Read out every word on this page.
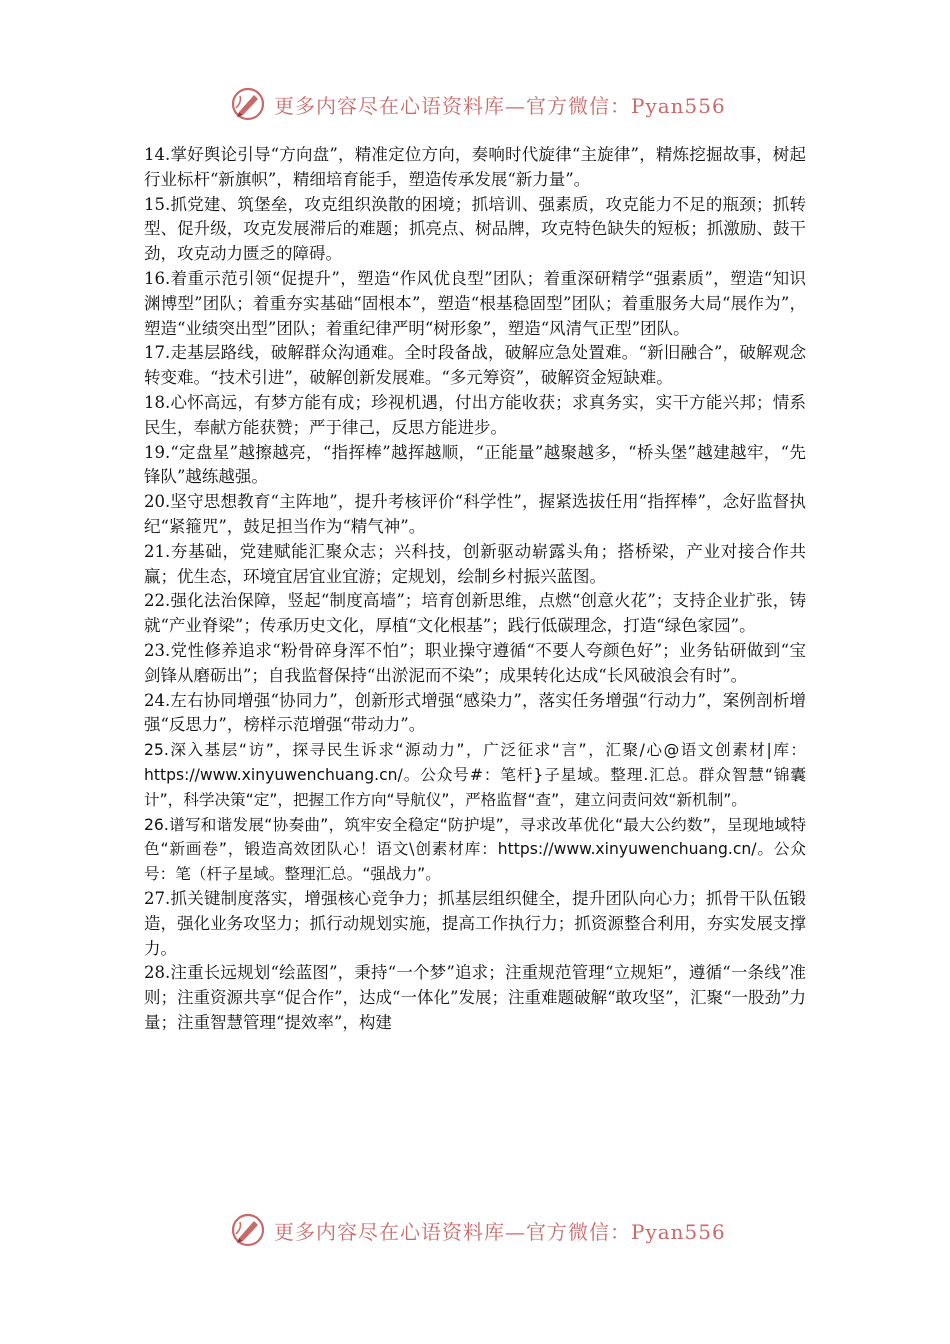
更多内容尽在心语资料库—官方微信：Pyan556

14.掌好舆论引导“方向盘”，精准定位方向，奏响时代旋律“主旋律”，精炼挖掘故事，树起行业标杆“新旗帜”，精细培育能手，塑造传承发展“新力量”。

15.抓党建、筑堡垒，攻克组织涣散的困境；抓培训、强素质，攻克能力不足的瓶颈；抓转型、促升级，攻克发展滞后的难题；抓亮点、树品牌，攻克特色缺失的短板；抓激励、鼓干劲，攻克动力匮乏的障碍。

16.着重示范引领“促提升”，塑造“作风优良型”团队；着重深研精学“强素质”，塑造“知识渊博型”团队；着重夯实基础“固根本”，塑造“根基稳固型”团队；着重服务大局“展作为”，塑造“业绩突出型”团队；着重纪律严明“树形象”，塑造“风清气正型”团队。

17.走基层路线，破解群众沟通难。全时段备战，破解应急处置难。“新旧融合”，破解观念转变难。“技术引进”，破解创新发展难。“多元筹资”，破解资金短缺难。

18.心怀高远，有梦方能有成；珍视机遇，付出方能收获；求真务实，实干方能兴邦；情系民生，奉献方能获赞；严于律己，反思方能进步。

19.“定盘星”越擦越亮，“指挥棒”越挥越顺，“正能量”越聚越多，“桥头堡”越建越牢，“先锋队”越练越强。

20.坚守思想教育“主阵地”，提升考核评价“科学性”，握紧选拔任用“指挥棒”，念好监督执纪“紧箍咒”，鼓足担当作为“精气神”。

21.夯基础，党建赋能汇聚众志；兴科技，创新驱动崭露头角；搭桥梁，产业对接合作共赢；优生态，环境宜居宜业宜游；定规划，绘制乡村振兴蓝图。

22.强化法治保障，竖起“制度高墙”；培育创新思维，点燃“创意火花”；支持企业扩张，铸就“产业脊梁”；传承历史文化，厚植“文化根基”；践行低碳理念，打造“绿色家园”。

23.党性修养追求“粉骨碎身浑不怕”；职业操守遵循“不要人夸颜色好”；业务钻研做到“宝剑锋从磨砺出”；自我监督保持“出淤泥而不染”；成果转化达成“长风破浪会有时”。

24.左右协同增强“协同力”，创新形式增强“感染力”，落实任务增强“行动力”，案例剖析增强“反思力”，榜样示范增强“带动力”。

25.深入基层“访”，探寻民生诉求“源动力”，广泛征求“言”，汇聚/心@语文创素材|库：https://www.xinyuwenchuang.cn/。公众号#：笔杆}子星域。整理.汇总。群众智慧“锦囊计”，科学决策“定”，把握工作方向“导航仪”，严格监督“查”，建立问责问效“新机制”。

26.谱写和谐发展“协奏曲”，筑牢安全稳定“防护堤”，寻求改革优化“最大公约数”，呈现地域特色“新画卷”，锻造高效团队心！语文\创素材库：https://www.xinyuwenchuang.cn/。公众号：笔（杆子星域。整理汇总。“强战力”。

27.抓关键制度落实，增强核心竞争力；抓基层组织健全，提升团队向心力；抓骨干队伍锻造，强化业务攻坚力；抓行动规划实施，提高工作执行力；抓资源整合利用，夯实发展支撑力。

28.注重长远规划“绘蓝图”，秉持“一个梦”追求；注重规范管理“立规矩”，遵循“一条线”准则；注重资源共享“促合作”，达成“一体化”发展；注重难题破解“敢攻坚”，汇聚“一股劲”力量；注重智慧管理“提效率”，构建

更多内容尽在心语资料库—官方微信：Pyan556
